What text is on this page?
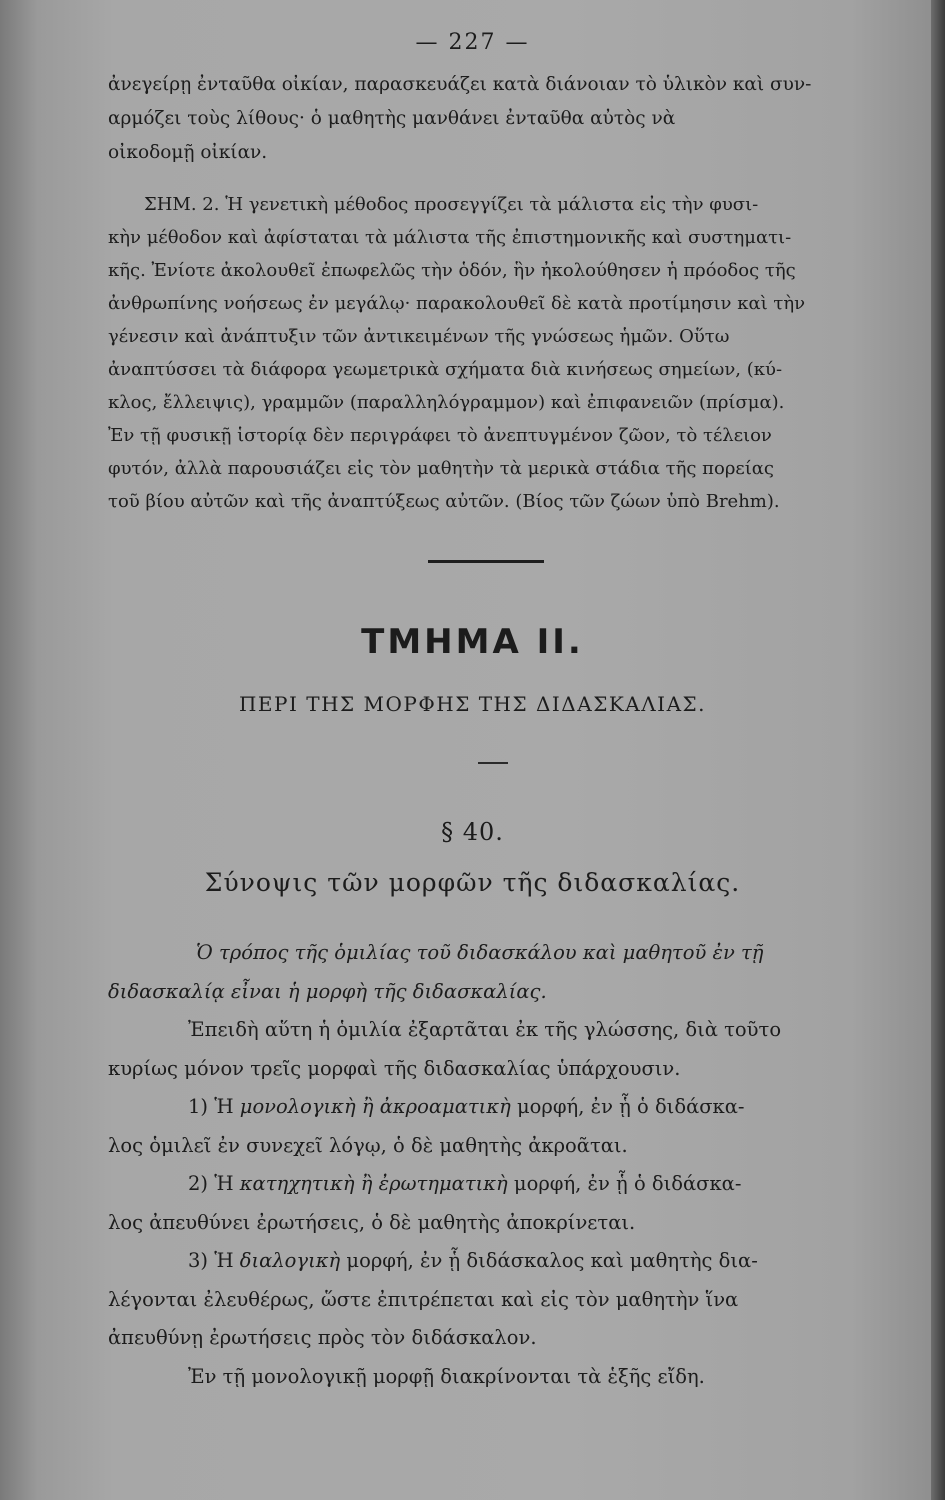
— 227 —
ἀνεγείρῃ ἐνταῦθα οἰκίαν, παρασκευάζει κατὰ διάνοιαν τὸ ὑλικὸν καὶ συν-
αρμόζει τοὺς λίθους· ὁ μαθητὴς μανθάνει ἐνταῦθα αὐτὸς νὰ
οἰκοδομῇ οἰκίαν.
ΣΗΜ. 2. Ἡ γενετικὴ μέθοδος προσεγγίζει τὰ μάλιστα εἰς τὴν φυσι-
κὴν μέθοδον καὶ ἀφίσταται τὰ μάλιστα τῆς ἐπιστημονικῆς καὶ συστηματι-
κῆς. Ἐνίοτε ἀκολουθεῖ ἐπωφελῶς τὴν ὁδόν, ἣν ἠκολούθησεν ἡ πρόοδος τῆς
ἀνθρωπίνης νοήσεως ἐν μεγάλῳ· παρακολουθεῖ δὲ κατὰ προτίμησιν καὶ τὴν
γένεσιν καὶ ἀνάπτυξιν τῶν ἀντικειμένων τῆς γνώσεως ἡμῶν. Οὕτω
ἀναπτύσσει τὰ διάφορα γεωμετρικὰ σχήματα διὰ κινήσεως σημείων, (κύ-
κλος, ἔλλειψις), γραμμῶν (παραλληλόγραμμον) καὶ ἐπιφανειῶν (πρίσμα).
Ἐν τῇ φυσικῇ ἱστορίᾳ δὲν περιγράφει τὸ ἀνεπτυγμένον ζῶον, τὸ τέλειον
φυτόν, ἀλλὰ παρουσιάζει εἰς τὸν μαθητὴν τὰ μερικὰ στάδια τῆς πορείας
τοῦ βίου αὐτῶν καὶ τῆς ἀναπτύξεως αὐτῶν. (Βίος τῶν ζώων ὑπὸ Brehm).
ΤΜΗΜΑ ΙΙ.
ΠΕΡΙ ΤΗΣ ΜΟΡΦΗΣ ΤΗΣ ΔΙΔΑΣΚΑΛΙΑΣ.
§ 40.
Σύνοψις τῶν μορφῶν τῆς διδασκαλίας.
Ὁ τρόπος τῆς ὁμιλίας τοῦ διδασκάλου καὶ μαθητοῦ ἐν τῇ
διδασκαλίᾳ εἶναι ἡ μορφὴ τῆς διδασκαλίας.
Ἐπειδὴ αὕτη ἡ ὁμιλία ἐξαρτᾶται ἐκ τῆς γλώσσης, διὰ τοῦτο
κυρίως μόνον τρεῖς μορφαὶ τῆς διδασκαλίας ὑπάρχουσιν.
1) Ἡ μονολογικὴ ἢ ἀκροαματικὴ μορφή, ἐν ᾗ ὁ διδάσκα-
λος ὁμιλεῖ ἐν συνεχεῖ λόγῳ, ὁ δὲ μαθητὴς ἀκροᾶται.
2) Ἡ κατηχητικὴ ἢ ἐρωτηματικὴ μορφή, ἐν ᾗ ὁ διδάσκα-
λος ἀπευθύνει ἐρωτήσεις, ὁ δὲ μαθητὴς ἀποκρίνεται.
3) Ἡ διαλογικὴ μορφή, ἐν ᾗ διδάσκαλος καὶ μαθητὴς δια-
λέγονται ἐλευθέρως, ὥστε ἐπιτρέπεται καὶ εἰς τὸν μαθητὴν ἵνα
ἀπευθύνῃ ἐρωτήσεις πρὸς τὸν διδάσκαλον.
Ἐν τῇ μονολογικῇ μορφῇ διακρίνονται τὰ ἑξῆς εἴδη.
